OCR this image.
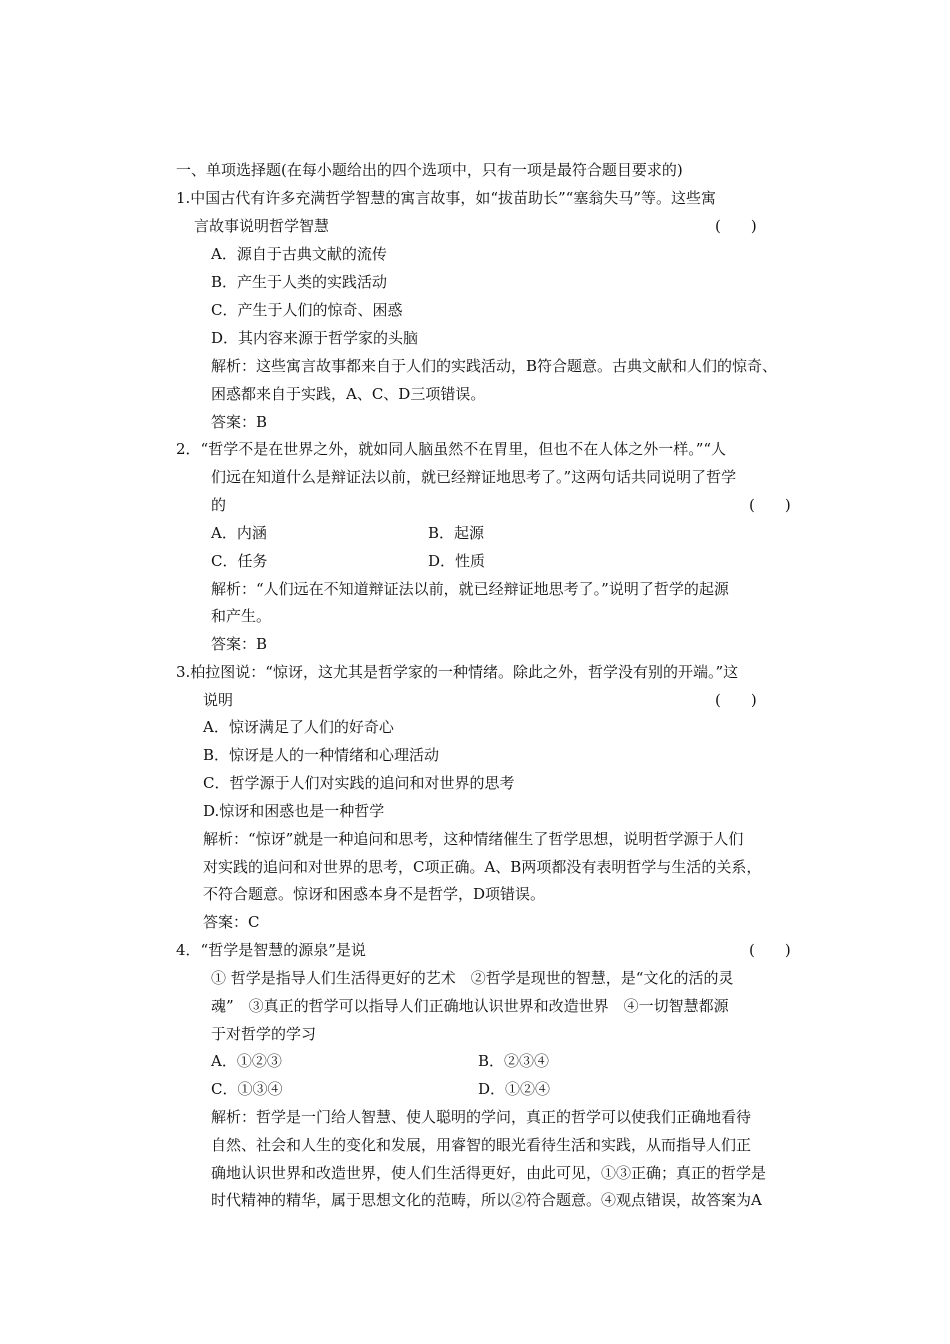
一、单项选择题(在每小题给出的四个选项中，只有一项是最符合题目要求的)
1.中国古代有许多充满哲学智慧的寓言故事，如“拔苗助长”“塞翁失马”等。这些寓
言故事说明哲学智慧	(　　)
A．源自于古典文献的流传
B．产生于人类的实践活动
C．产生于人们的惊奇、困惑
D．其内容来源于哲学家的头脑
解析：这些寓言故事都来自于人们的实践活动，B符合题意。古典文献和人们的惊奇、
困惑都来自于实践，A、C、D三项错误。
答案：B
2．“哲学不是在世界之外，就如同人脑虽然不在胃里，但也不在人体之外一样。”“人
们远在知道什么是辩证法以前，就已经辩证地思考了。”这两句话共同说明了哲学
的	(　　)
A．内涵	B．起源
C．任务	D．性质
解析：“人们远在不知道辩证法以前，就已经辩证地思考了。”说明了哲学的起源
和产生。
答案：B
3.柏拉图说：“惊讶，这尤其是哲学家的一种情绪。除此之外，哲学没有别的开端。”这
说明	(　　)
A．惊讶满足了人们的好奇心
B．惊讶是人的一种情绪和心理活动
C．哲学源于人们对实践的追问和对世界的思考
D.惊讶和困惑也是一种哲学
解析：“惊讶”就是一种追问和思考，这种情绪催生了哲学思想，说明哲学源于人们
对实践的追问和对世界的思考，C项正确。A、B两项都没有表明哲学与生活的关系，
不符合题意。惊讶和困惑本身不是哲学，D项错误。
答案：C
4．“哲学是智慧的源泉”是说	(　　)
① 哲学是指导人们生活得更好的艺术　②哲学是现世的智慧，是“文化的活的灵
魂”　③真正的哲学可以指导人们正确地认识世界和改造世界　④一切智慧都源
于对哲学的学习
A．①②③	B．②③④
C．①③④	D．①②④
解析：哲学是一门给人智慧、使人聪明的学问，真正的哲学可以使我们正确地看待
自然、社会和人生的变化和发展，用睿智的眼光看待生活和实践，从而指导人们正
确地认识世界和改造世界，使人们生活得更好，由此可见，①③正确；真正的哲学是
时代精神的精华，属于思想文化的范畴，所以②符合题意。④观点错误，故答案为A
